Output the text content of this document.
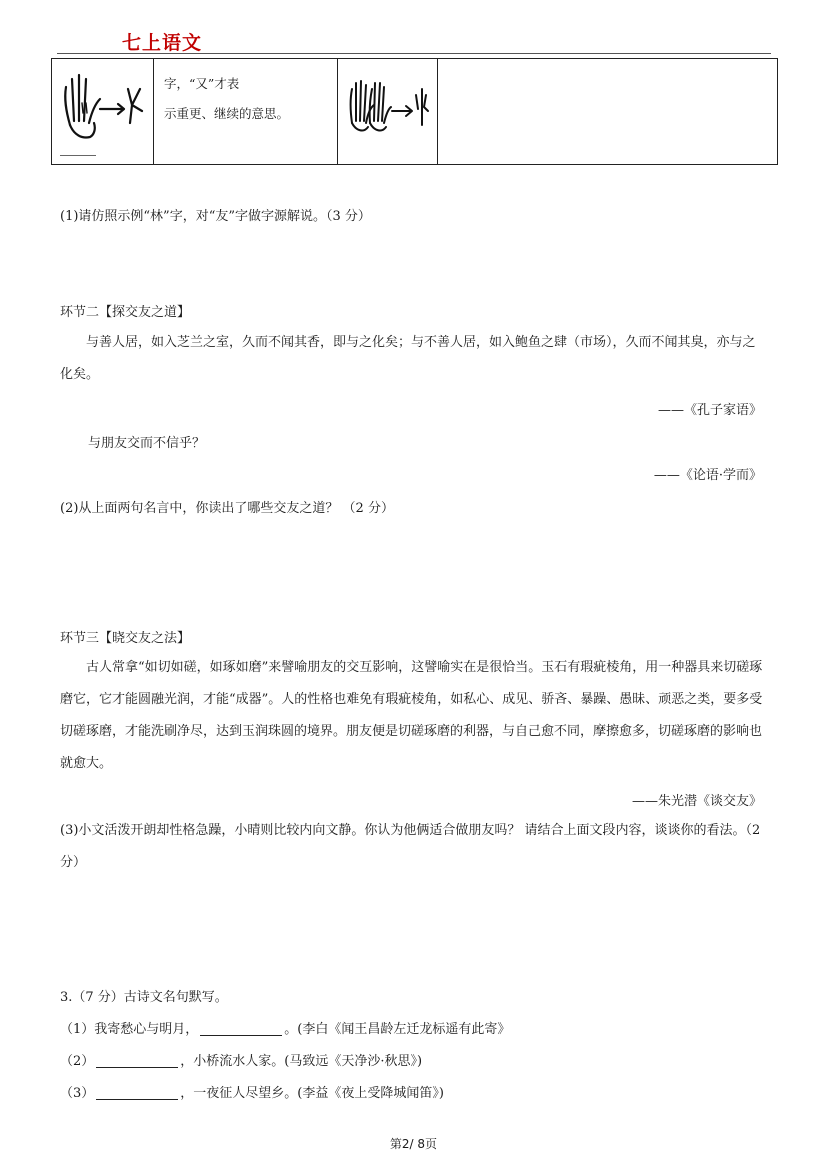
七上语文

字，“又”才表
示重更、继续的意思。

(1)请仿照示例“林”字，对“友”字做字源解说。（3 分）
环节二【探交友之道】
与善人居，如入芝兰之室，久而不闻其香，即与之化矣；与不善人居，如入鲍鱼之肆（市场），久而不闻其臭，亦与之化矣。
——《孔子家语》
与朋友交而不信乎？
——《论语·学而》
(2)从上面两句名言中，你读出了哪些交友之道？ （2 分）
环节三【晓交友之法】
古人常拿“如切如磋，如琢如磨”来譬喻朋友的交互影响，这譬喻实在是很恰当。玉石有瑕疵棱角，用一种器具来切磋琢磨它，它才能圆融光润，才能“成器”。人的性格也难免有瑕疵棱角，如私心、成见、骄吝、暴躁、愚昧、顽恶之类，要多受切磋琢磨，才能洗刷净尽，达到玉润珠圆的境界。朋友便是切磋琢磨的利器，与自己愈不同，摩擦愈多，切磋琢磨的影响也就愈大。
——朱光潜《谈交友》
(3)小文活泼开朗却性格急躁，小晴则比较内向文静。你认为他俩适合做朋友吗？ 请结合上面文段内容，谈谈你的看法。（2 分）
3.（7 分）古诗文名句默写。
（1）我寄愁心与明月，	。(李白《闻王昌龄左迁龙标遥有此寄》
（2）	，小桥流水人家。(马致远《天净沙·秋思》)
（3）	，一夜征人尽望乡。(李益《夜上受降城闻笛》)
第2/ 8页
